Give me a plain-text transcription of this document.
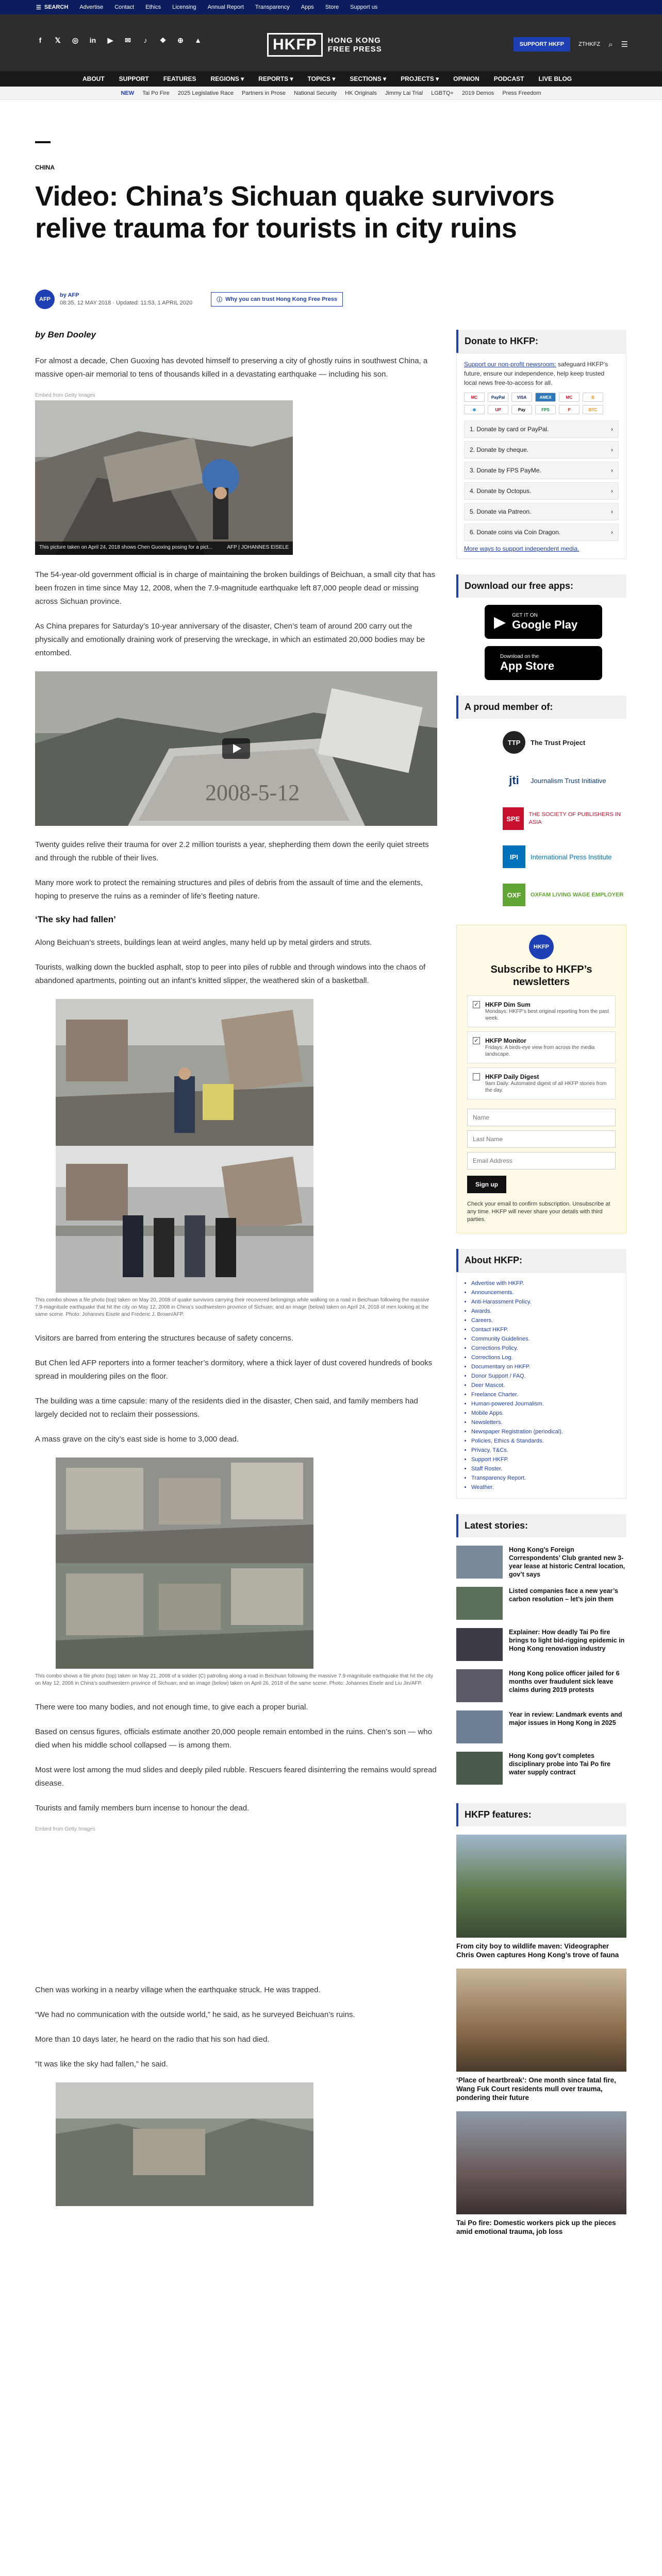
☰ SEARCH Advertise Contact Ethics Licensing Annual Report Transparency Apps Store Support us
f	𝕏	◎ in	▶	✉	♪	❖ ⊕ ▲	HKFP	HONG KONG
FREE PRESS
SUPPORT HKFP	ZTHKFZ ⌕ ☰
ABOUT SUPPORT FEATURES REGIONS ▾ REPORTS ▾ TOPICS ▾ SECTIONS ▾ PROJECTS ▾ OPINION PODCAST LIVE BLOG
NEW Tai Po Fire 2025 Legislative Race Partners in Prose National Security HK Originals Jimmy Lai Trial LGBTQ+ 2019 Demos Press Freedom
CHINA
Video: China’s Sichuan quake survivors relive trauma for tourists in city ruins
AFP
by AFP
08:35, 12 MAY 2018 · Updated: 11:53, 1 APRIL 2020	ⓘ Why you can trust Hong Kong Free Press
by Ben Dooley

For almost a decade, Chen Guoxing has devoted himself to preserving a city of ghostly ruins in southwest China, a massive open-air memorial to tens of thousands killed in a devastating earthquake — including his son.

Embed from Getty Images
This picture taken on April 24, 2018 shows Chen Guoxing posing for a pict...	AFP | JOHANNES EISELE

The 54-year-old government official is in charge of maintaining the broken buildings of Beichuan, a small city that has been frozen in time since May 12, 2008, when the 7.9-magnitude earthquake left 87,000 people dead or missing across Sichuan province.

As China prepares for Saturday’s 10-year anniversary of the disaster, Chen’s team of around 200 carry out the physically and emotionally draining work of preserving the wreckage, in which an estimated 20,000 bodies may be entombed.

2008-5-12

Twenty guides relive their trauma for over 2.2 million tourists a year, shepherding them down the eerily quiet streets and through the rubble of their lives.

Many more work to protect the remaining structures and piles of debris from the assault of time and the elements, hoping to preserve the ruins as a reminder of life’s fleeting nature.

‘The sky had fallen’

Along Beichuan’s streets, buildings lean at weird angles, many held up by metal girders and struts.

Tourists, walking down the buckled asphalt, stop to peer into piles of rubble and through windows into the chaos of abandoned apartments, pointing out an infant’s knitted slipper, the weathered skin of a basketball.

This combo shows a file photo (top) taken on May 20, 2008 of quake survivors carrying their recovered belongings while walking on a road in Beichuan following the massive 7.9-magnitude earthquake that hit the city on May 12, 2008 in China’s southwestern province of Sichuan; and an image (below) taken on April 24, 2018 of men looking at the same scene. Photo: Johannes Eisele and Frederic J. Brown/AFP.

Visitors are barred from entering the structures because of safety concerns.

But Chen led AFP reporters into a former teacher’s dormitory, where a thick layer of dust covered hundreds of books spread in mouldering piles on the floor.

The building was a time capsule: many of the residents died in the disaster, Chen said, and family members had largely decided not to reclaim their possessions.

A mass grave on the city’s east side is home to 3,000 dead.

This combo shows a file photo (top) taken on May 21, 2008 of a soldier (C) patrolling along a road in Beichuan following the massive 7.9-magnitude earthquake that hit the city on May 12, 2008 in China’s southwestern province of Sichuan; and an image (below) taken on April 26, 2018 of the same scene. Photo: Johannes Eisele and Liu Jin/AFP.

There were too many bodies, and not enough time, to give each a proper burial.

Based on census figures, officials estimate another 20,000 people remain entombed in the ruins. Chen’s son — who died when his middle school collapsed — is among them.

Most were lost among the mud slides and deeply piled rubble. Rescuers feared disinterring the remains would spread disease.

Tourists and family members burn incense to honour the dead.

Embed from Getty Images

Chen was working in a nearby village when the earthquake struck. He was trapped.

“We had no communication with the outside world,” he said, as he surveyed Beichuan’s ruins.

More than 10 days later, he heard on the radio that his son had died.

“It was like the sky had fallen,” he said.

Donate to HKFP:
Support our non-profit newsroom: safeguard HKFP’s future, ensure our independence, help keep trusted local news free-to-access for all.
MC	PayPal	VISA	AMEX	MC	B
⊕	UP	Pay	FPS	P	BTC
1. Donate by card or PayPal.	›
2. Donate by cheque.	›
3. Donate by FPS PayMe.	›
4. Donate by Octopus.	›
5. Donate via Patreon.	›
6. Donate coins via Coin Dragon.	›
More ways to support independent media.
Download our free apps:
▶ GET IT ON
Google Play
Download on the
App Store
A proud member of:
TTP	The Trust Project
jti	Journalism Trust Initiative
SPE
THE SOCIETY OF PUBLISHERS IN ASIA
IPI	International Press Institute
OXF	OXFAM LIVING WAGE EMPLOYER
HKFP
Subscribe to HKFP’s newsletters
✓ HKFP Dim Sum
Mondays: HKFP’s best original reporting from the past week.
✓ HKFP Monitor
Fridays: A birds-eye view from across the media landscape.
HKFP Daily Digest
9am Daily: Automated digest of all HKFP stories from the day.
Name
Last Name
Email Address Sign up
Check your email to confirm subscription. Unsubscribe at any time. HKFP will never share your details with third parties.
About HKFP:
• Advertise with HKFP.
• Announcements.
• Anti-Harassment Policy.
• Awards.
• Careers.
• Contact HKFP.
• Community Guidelines.
• Corrections Policy.
• Corrections Log.
• Documentary on HKFP.
• Donor Support / FAQ.
• Deer Mascot.
• Freelance Charter.
• Human-powered Journalism.
• Mobile Apps.
• Newsletters.
• Newspaper Registration (periodical).
• Policies, Ethics & Standards.
• Privacy, T&Cs.
• Support HKFP.
• Staff Roster.
• Transparency Report.
• Weather.
Latest stories:
Hong Kong’s Foreign Correspondents’ Club granted new 3-year lease at historic Central location, gov’t says
Listed companies face a new year’s carbon resolution – let’s join them
Explainer: How deadly Tai Po fire brings to light bid-rigging epidemic in Hong Kong renovation industry
Hong Kong police officer jailed for 6 months over fraudulent sick leave claims during 2019 protests
Year in review: Landmark events and major issues in Hong Kong in 2025
Hong Kong gov’t completes disciplinary probe into Tai Po fire water supply contract
HKFP features:
From city boy to wildlife maven: Videographer Chris Owen captures Hong Kong’s trove of fauna
‘Place of heartbreak’: One month since fatal fire, Wang Fuk Court residents mull over trauma, pondering their future
Tai Po fire: Domestic workers pick up the pieces amid emotional trauma, job loss
